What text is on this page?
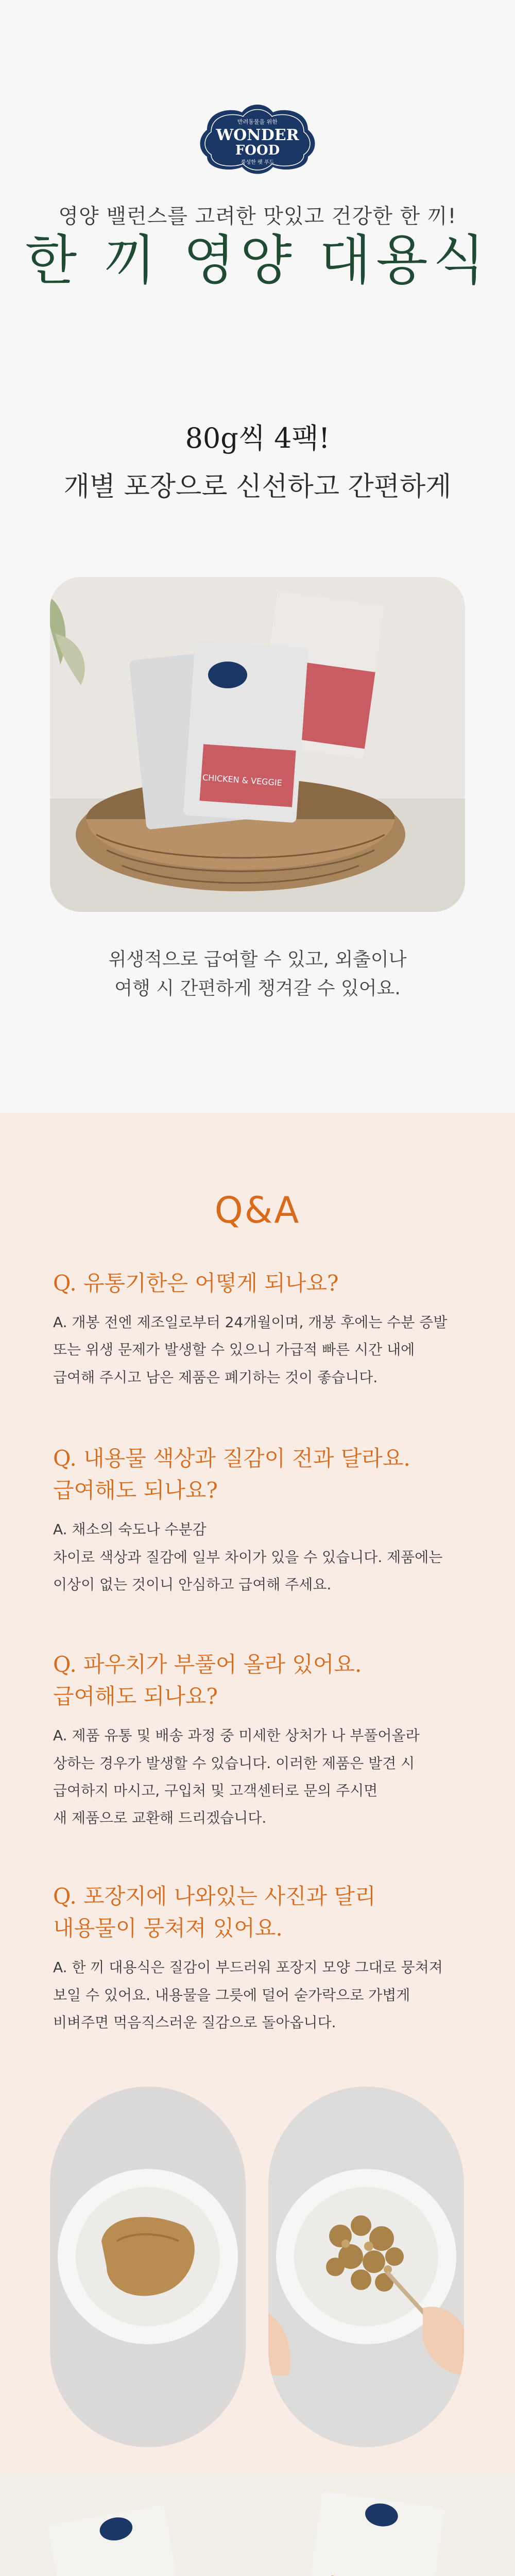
반려동물을 위한
WONDER
FOOD
풍성한 펫 푸드
영양 밸런스를 고려한 맛있고 건강한 한 끼!
한 끼 영양 대용식
80g씩 4팩!
개별 포장으로 신선하고 간편하게
CHICKEN & VEGGIE
위생적으로 급여할 수 있고, 외출이나
여행 시 간편하게 챙겨갈 수 있어요.
Q&A
Q. 유통기한은 어떻게 되나요?
A. 개봉 전엔 제조일로부터 24개월이며, 개봉 후에는 수분 증발
또는 위생 문제가 발생할 수 있으니 가급적 빠른 시간 내에
급여해 주시고 남은 제품은 폐기하는 것이 좋습니다.
Q. 내용물 색상과 질감이 전과 달라요.
급여해도 되나요?
A. 채소의 숙도나 수분감
차이로 색상과 질감에 일부 차이가 있을 수 있습니다. 제품에는
이상이 없는 것이니 안심하고 급여해 주세요.
Q. 파우치가 부풀어 올라 있어요.
급여해도 되나요?
A. 제품 유통 및 배송 과정 중 미세한 상처가 나 부풀어올라
상하는 경우가 발생할 수 있습니다. 이러한 제품은 발견 시
급여하지 마시고, 구입처 및 고객센터로 문의 주시면
새 제품으로 교환해 드리겠습니다.
Q. 포장지에 나와있는 사진과 달리
내용물이 뭉쳐져 있어요.
A. 한 끼 대용식은 질감이 부드러워 포장지 모양 그대로 뭉쳐져
보일 수 있어요. 내용물을 그릇에 덜어 숟가락으로 가볍게
비벼주면 먹음직스러운 질감으로 돌아옵니다.
